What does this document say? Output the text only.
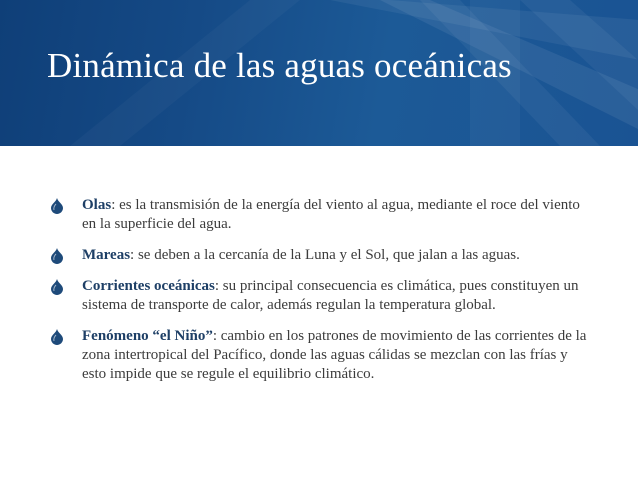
Dinámica de las aguas oceánicas
Olas: es la transmisión de la energía del viento al agua, mediante el roce del viento en la superficie del agua.
Mareas: se deben a la cercanía de la Luna y el Sol, que jalan a las aguas.
Corrientes oceánicas: su principal consecuencia es climática, pues constituyen un sistema de transporte de calor, además regulan la temperatura global.
Fenómeno “el Niño”: cambio en los patrones de movimiento de las corrientes de la zona intertropical del Pacífico, donde las aguas cálidas se mezclan con las frías y esto impide que se regule el equilibrio climático.
